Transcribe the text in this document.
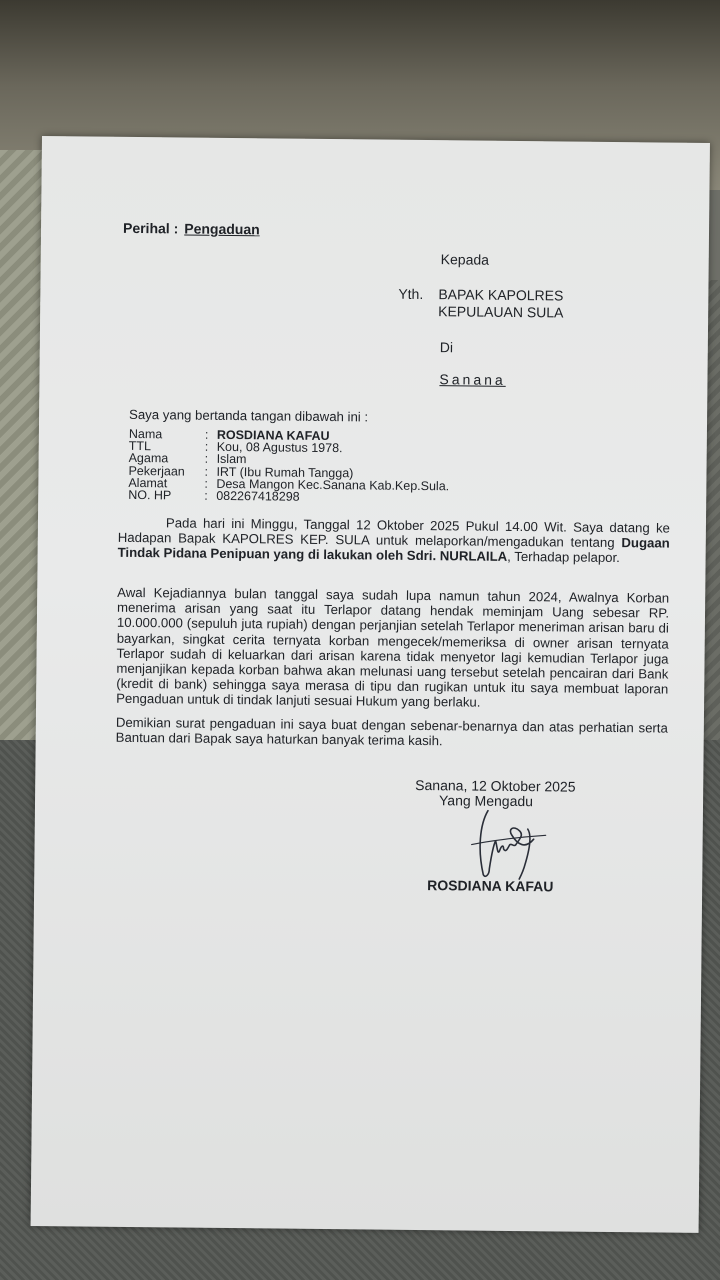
Perihal : Pengaduan
Kepada
Yth. BAPAK KAPOLRES
KEPULAUAN SULA
Di
Sanana
Saya yang bertanda tangan dibawah ini :
Nama	: ROSDIANA KAFAU
TTL	: Kou, 08 Agustus 1978.
Agama	: Islam
Pekerjaan	: IRT (Ibu Rumah Tangga)
Alamat	: Desa Mangon Kec.Sanana Kab.Kep.Sula.
NO. HP	: 082267418298
Pada hari ini Minggu, Tanggal 12 Oktober 2025 Pukul 14.00 Wit. Saya datang ke Hadapan Bapak KAPOLRES KEP. SULA untuk melaporkan/mengadukan tentang Dugaan Tindak Pidana Penipuan yang di lakukan oleh Sdri. NURLAILA, Terhadap pelapor.
Awal Kejadiannya bulan tanggal saya sudah lupa namun tahun 2024, Awalnya Korban menerima arisan yang saat itu Terlapor datang hendak meminjam Uang sebesar RP. 10.000.000 (sepuluh juta rupiah) dengan perjanjian setelah Terlapor meneriman arisan baru di bayarkan, singkat cerita ternyata korban mengecek/memeriksa di owner arisan ternyata Terlapor sudah di keluarkan dari arisan karena tidak menyetor lagi kemudian Terlapor juga menjanjikan kepada korban bahwa akan melunasi uang tersebut setelah pencairan dari Bank (kredit di bank) sehingga saya merasa di tipu dan rugikan untuk itu saya membuat laporan Pengaduan untuk di tindak lanjuti sesuai Hukum yang berlaku.
Demikian surat pengaduan ini saya buat dengan sebenar-benarnya dan atas perhatian serta Bantuan dari Bapak saya haturkan banyak terima kasih.
Sanana, 12 Oktober 2025
Yang Mengadu
ROSDIANA KAFAU
